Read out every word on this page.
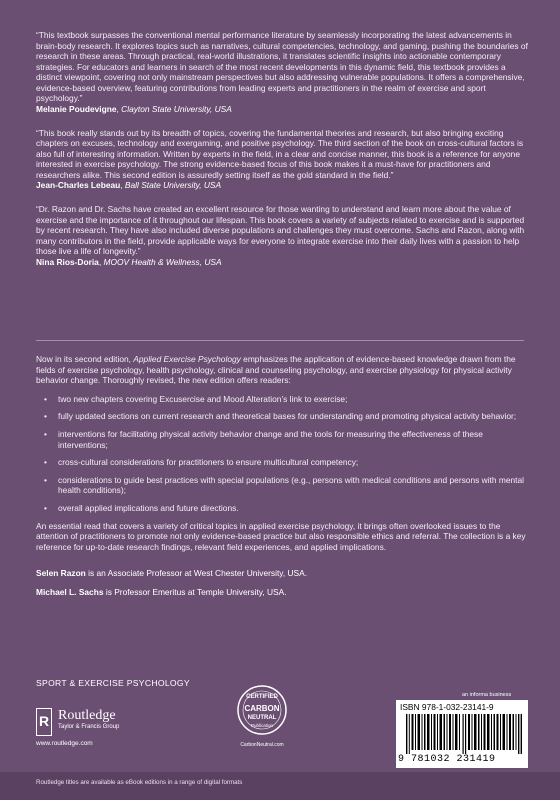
“This textbook surpasses the conventional mental performance literature by seamlessly incorporating the latest advancements in brain-body research. It explores topics such as narratives, cultural competencies, technology, and gaming, pushing the boundaries of research in these areas. Through practical, real-world illustrations, it translates scientific insights into actionable contemporary strategies. For educators and learners in search of the most recent developments in this dynamic field, this textbook provides a distinct viewpoint, covering not only mainstream perspectives but also addressing vulnerable populations. It offers a comprehensive, evidence-based overview, featuring contributions from leading experts and practitioners in the realm of exercise and sport psychology.”

Melanie Poudevigne, Clayton State University, USA

“This book really stands out by its breadth of topics, covering the fundamental theories and research, but also bringing exciting chapters on excuses, technology and exergaming, and positive psychology. The third section of the book on cross-cultural factors is also full of interesting information. Written by experts in the field, in a clear and concise manner, this book is a reference for anyone interested in exercise psychology. The strong evidence-based focus of this book makes it a must-have for practitioners and researchers alike. This second edition is assuredly setting itself as the gold standard in the field.”

Jean-Charles Lebeau, Ball State University, USA

“Dr. Razon and Dr. Sachs have created an excellent resource for those wanting to understand and learn more about the value of exercise and the importance of it throughout our lifespan. This book covers a variety of subjects related to exercise and is supported by recent research. They have also included diverse populations and challenges they must overcome. Sachs and Razon, along with many contributors in the field, provide applicable ways for everyone to integrate exercise into their daily lives with a passion to help those live a life of longevity.”

Nina Rios-Doria, MOOV Health & Wellness, USA

Now in its second edition, Applied Exercise Psychology emphasizes the application of evidence-based knowledge drawn from the fields of exercise psychology, health psychology, clinical and counseling psychology, and exercise physiology for physical activity behavior change. Thoroughly revised, the new edition offers readers:

• two new chapters covering Excusercise and Mood Alteration’s link to exercise;
• fully updated sections on current research and theoretical bases for understanding and promoting physical activity behavior;
• interventions for facilitating physical activity behavior change and the tools for measuring the effectiveness of these interventions;
• cross-cultural considerations for practitioners to ensure multicultural competency;
• considerations to guide best practices with special populations (e.g., persons with medical conditions and persons with mental health conditions);
• overall applied implications and future directions.

An essential read that covers a variety of critical topics in applied exercise psychology, it brings often overlooked issues to the attention of practitioners to promote not only evidence-based practice but also responsible ethics and referral. The collection is a key reference for up-to-date research findings, relevant field experiences, and applied implications.

Selen Razon is an Associate Professor at West Chester University, USA.

Michael L. Sachs is Professor Emeritus at Temple University, USA.

SPORT & EXERCISE PSYCHOLOGY
R Routledge
Taylor & Francis Group
www.routledge.com
CERTIFIED
CARBON
NEUTRAL
Publication
CarbonNeutral.com
an informa business
ISBN 978-1-032-23141-9
9 781032 231419
Routledge titles are available as eBook editions in a range of digital formats
